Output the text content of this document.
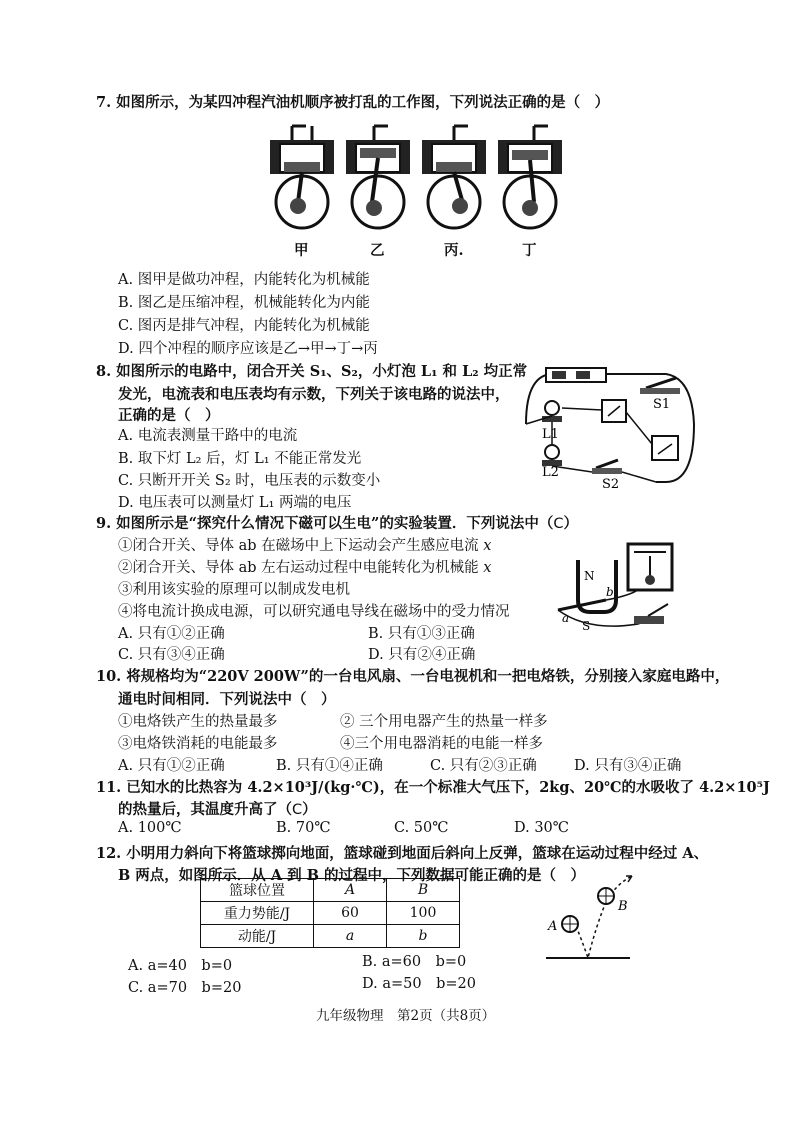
7. 如图所示，为某四冲程汽油机顺序被打乱的工作图，下列说法正确的是（　）
甲	乙	丙.	丁
A. 图甲是做功冲程，内能转化为机械能
B. 图乙是压缩冲程，机械能转化为内能
C. 图丙是排气冲程，内能转化为机械能
D. 四个冲程的顺序应该是乙→甲→丁→丙
8. 如图所示的电路中，闭合开关 S₁、S₂，小灯泡 L₁ 和 L₂ 均正常
发光，电流表和电压表均有示数，下列关于该电路的说法中，
正确的是（　）
A. 电流表测量干路中的电流
B. 取下灯 L₂ 后，灯 L₁ 不能正常发光
C. 只断开开关 S₂ 时，电压表的示数变小
D. 电压表可以测量灯 L₁ 两端的电压
S1
L1
L2
S2
9. 如图所示是“探究什么情况下磁可以生电”的实验装置．下列说法中（C）
①闭合开关、导体 ab 在磁场中上下运动会产生感应电流 x
②闭合开关、导体 ab 左右运动过程中电能转化为机械能 x
③利用该实验的原理可以制成发电机
④将电流计换成电源，可以研究通电导线在磁场中的受力情况
A. 只有①②正确	B. 只有①③正确
C. 只有③④正确	D. 只有②④正确
N
S
a
b
10. 将规格均为“220V 200W”的一台电风扇、一台电视机和一把电烙铁，分别接入家庭电路中，
通电时间相同．下列说法中（　）
①电烙铁产生的热量最多	② 三个用电器产生的热量一样多
③电烙铁消耗的电能最多	④三个用电器消耗的电能一样多
A. 只有①②正确	B. 只有①④正确	C. 只有②③正确	D. 只有③④正确
11. 已知水的比热容为 4.2×10³J/(kg·℃)，在一个标准大气压下，2kg、20℃的水吸收了 4.2×10⁵J
的热量后，其温度升高了（C）
A. 100℃	B. 70℃	C. 50℃	D. 30℃
12. 小明用力斜向下将篮球掷向地面，篮球碰到地面后斜向上反弹，篮球在运动过程中经过 A、
B 两点，如图所示．从 A 到 B 的过程中，下列数据可能正确的是（　）
篮球位置	A	B
重力势能/J	60	100
动能/J	a	b
A
B
A. a=40　b=0	B. a=60　b=0
C. a=70　b=20	D. a=50　b=20
九年级物理　第2页（共8页）
